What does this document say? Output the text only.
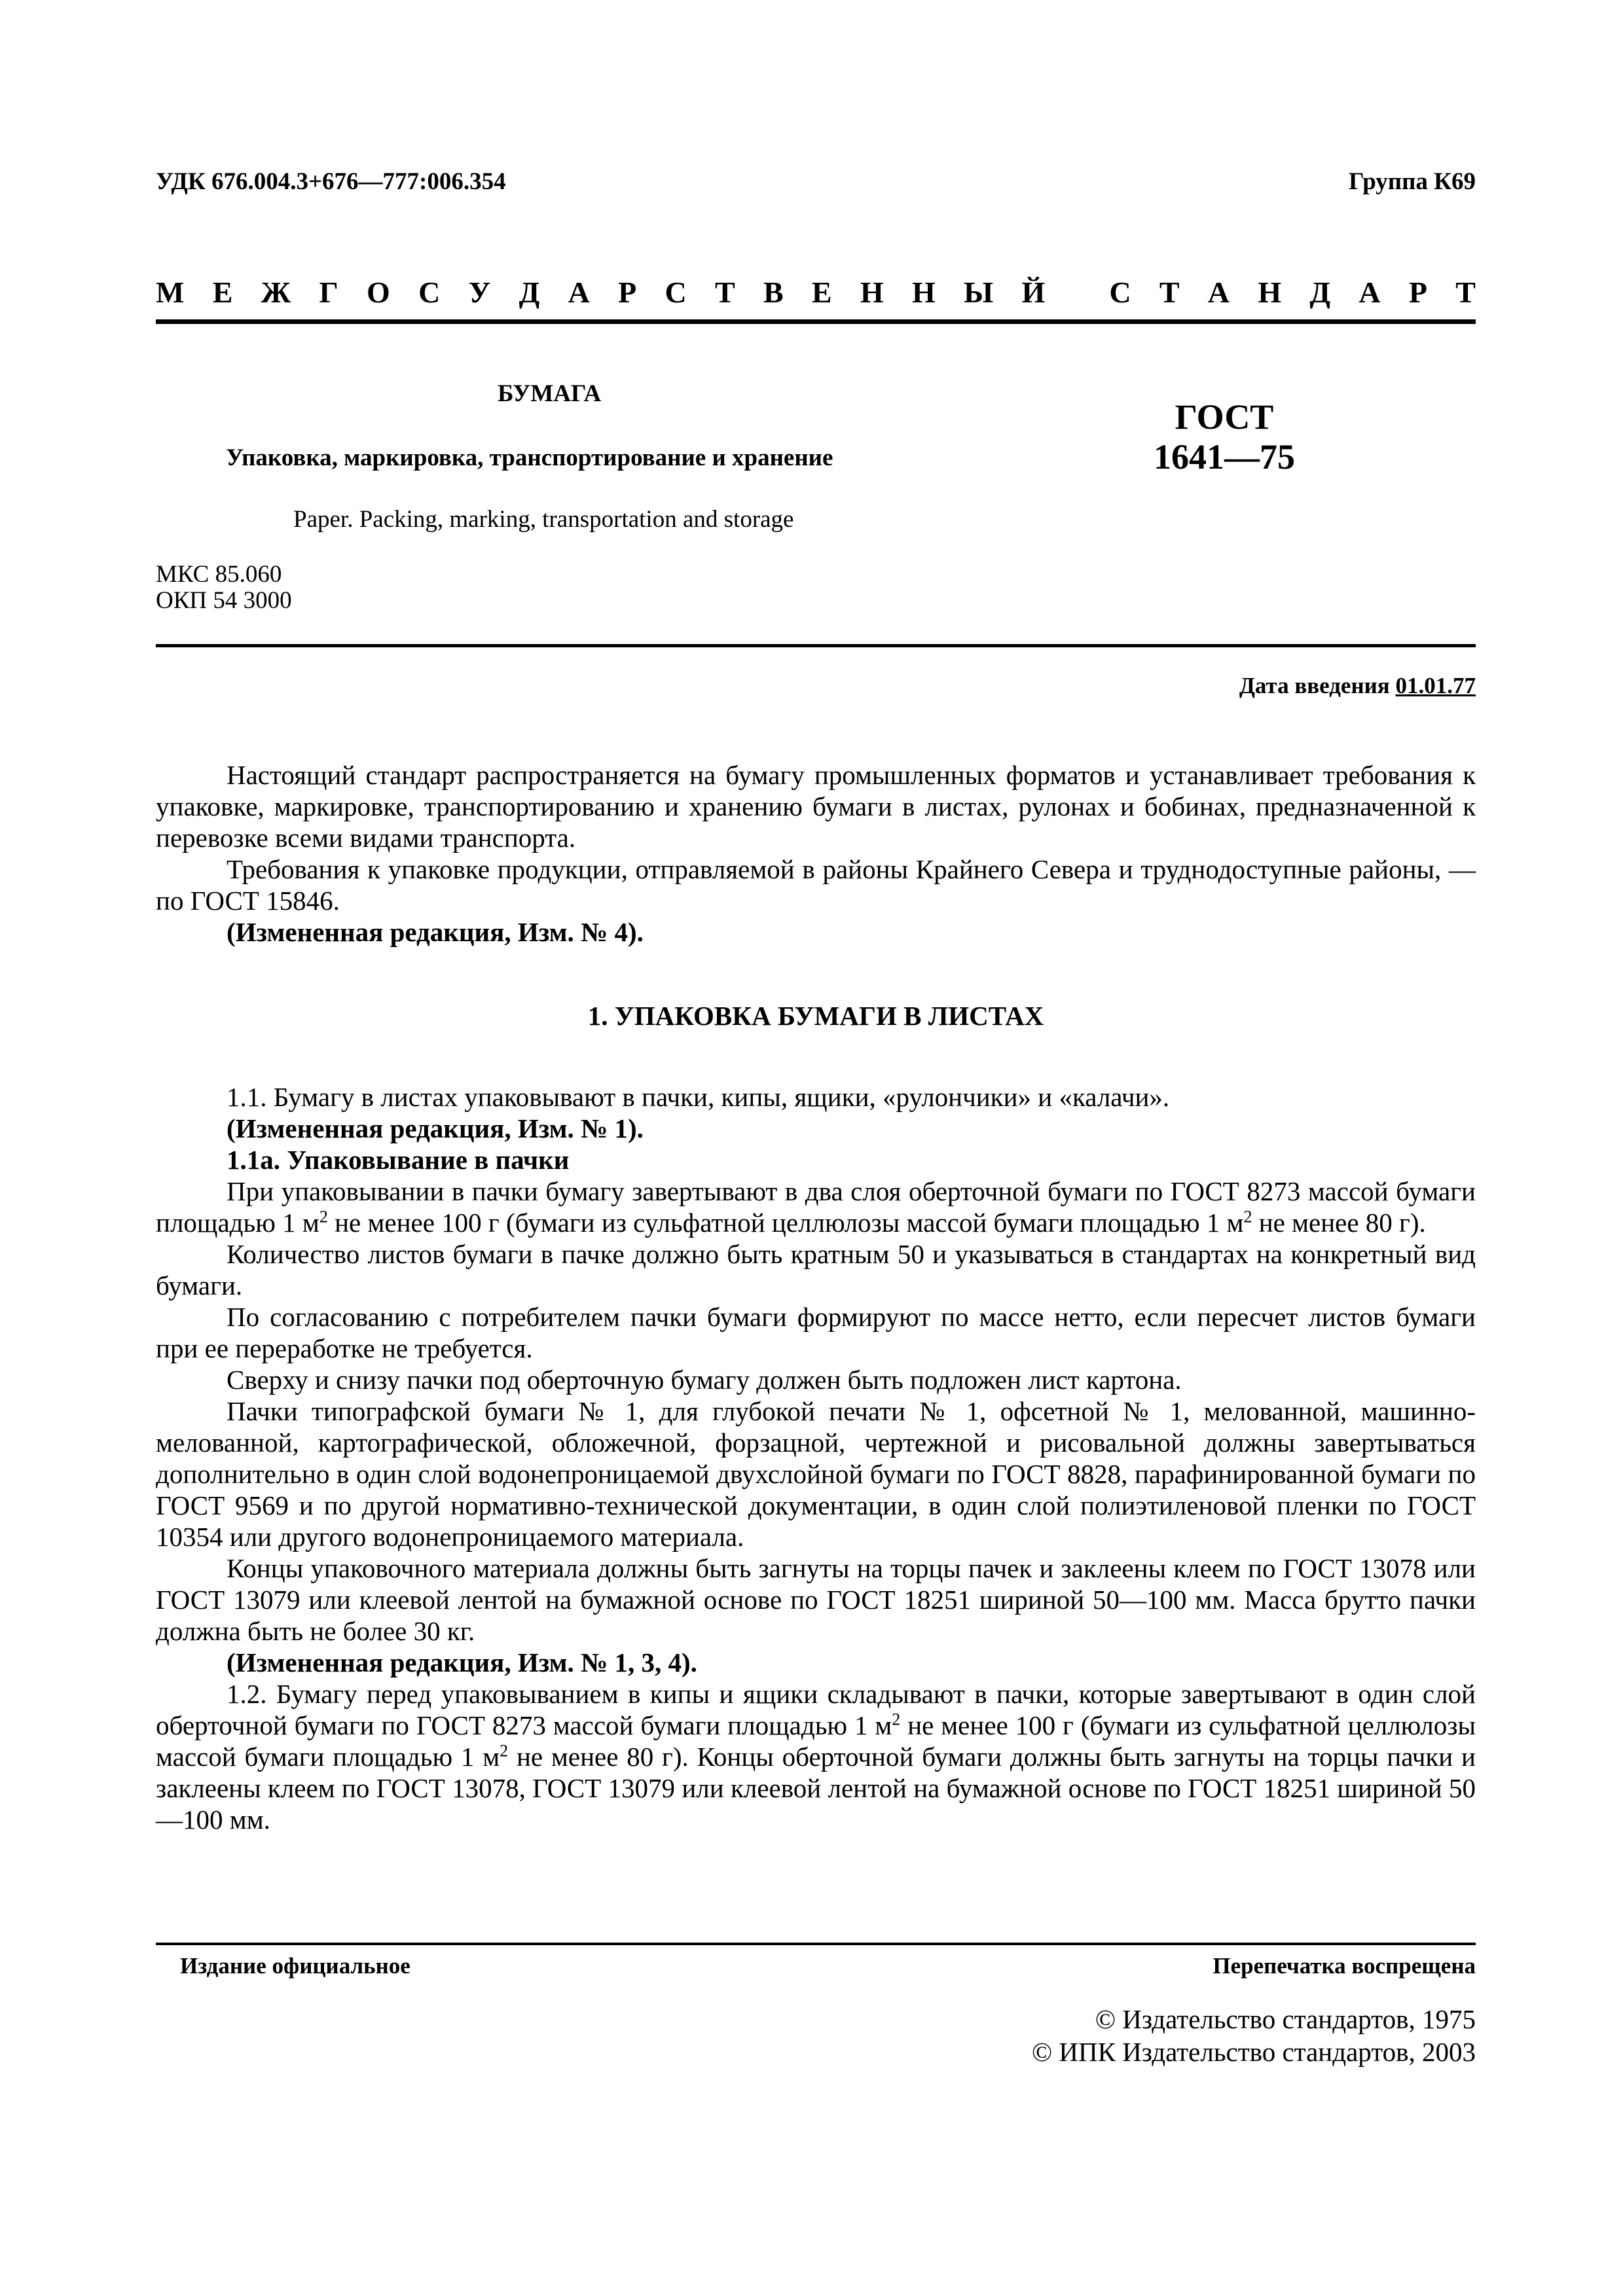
УДК 676.004.3+676—777:006.354	Группа К69
М Е Ж Г О С У Д А Р С Т В Е Н Н Ы Й
С Т А Н Д А Р Т
БУМАГА
Упаковка, маркировка, транспортирование и хранение
Paper. Packing, marking, transportation and storage
ГОСТ
1641—75
МКС 85.060
ОКП 54 3000
Дата введения 01.01.77

Настоящий стандарт распространяется на бумагу промышленных форматов и устанавливает требования к упаковке, маркировке, транспортированию и хранению бумаги в листах, рулонах и бобинах, предназначенной к перевозке всеми видами транспорта.

Требования к упаковке продукции, отправляемой в районы Крайнего Севера и труднодоступные районы, — по ГОСТ 15846.

(Измененная редакция, Изм. № 4).

1. УПАКОВКА БУМАГИ В ЛИСТАХ

1.1. Бумагу в листах упаковывают в пачки, кипы, ящики, «рулончики» и «калачи».

(Измененная редакция, Изм. № 1).

1.1а. Упаковывание в пачки

При упаковывании в пачки бумагу завертывают в два слоя оберточной бумаги по ГОСТ 8273 массой бумаги площадью 1 $м^2$ не менее 100 г (бумаги из сульфатной целлюлозы массой бумаги площадью 1 $м^2$ не менее 80 г).

Количество листов бумаги в пачке должно быть кратным 50 и указываться в стандартах на конкретный вид бумаги.

По согласованию с потребителем пачки бумаги формируют по массе нетто, если пересчет листов бумаги при ее переработке не требуется.

Сверху и снизу пачки под оберточную бумагу должен быть подложен лист картона.

Пачки типографской бумаги № 1, для глубокой печати № 1, офсетной № 1, мелованной, машинно-мелованной, картографической, обложечной, форзацной, чертежной и рисовальной должны завертываться дополнительно в один слой водонепроницаемой двухслойной бумаги по ГОСТ 8828, парафинированной бумаги по ГОСТ 9569 и по другой нормативно-технической документации, в один слой полиэтиленовой пленки по ГОСТ 10354 или другого водонепроницаемого материала.

Концы упаковочного материала должны быть загнуты на торцы пачек и заклеены клеем по ГОСТ 13078 или ГОСТ 13079 или клеевой лентой на бумажной основе по ГОСТ 18251 шириной 50—100 мм. Масса брутто пачки должна быть не более 30 кг.

(Измененная редакция, Изм. № 1, 3, 4).

1.2. Бумагу перед упаковыванием в кипы и ящики складывают в пачки, которые завертывают в один слой оберточной бумаги по ГОСТ 8273 массой бумаги площадью 1 $м^2$ не менее 100 г (бумаги из сульфатной целлюлозы массой бумаги площадью 1 $м^2$ не менее 80 г). Концы оберточной бумаги должны быть загнуты на торцы пачки и заклеены клеем по ГОСТ 13078, ГОСТ 13079 или клеевой лентой на бумажной основе по ГОСТ 18251 шириной 50—100 мм.

Издание официальное	Перепечатка воспрещена
© Издательство стандартов, 1975
© ИПК Издательство стандартов, 2003
